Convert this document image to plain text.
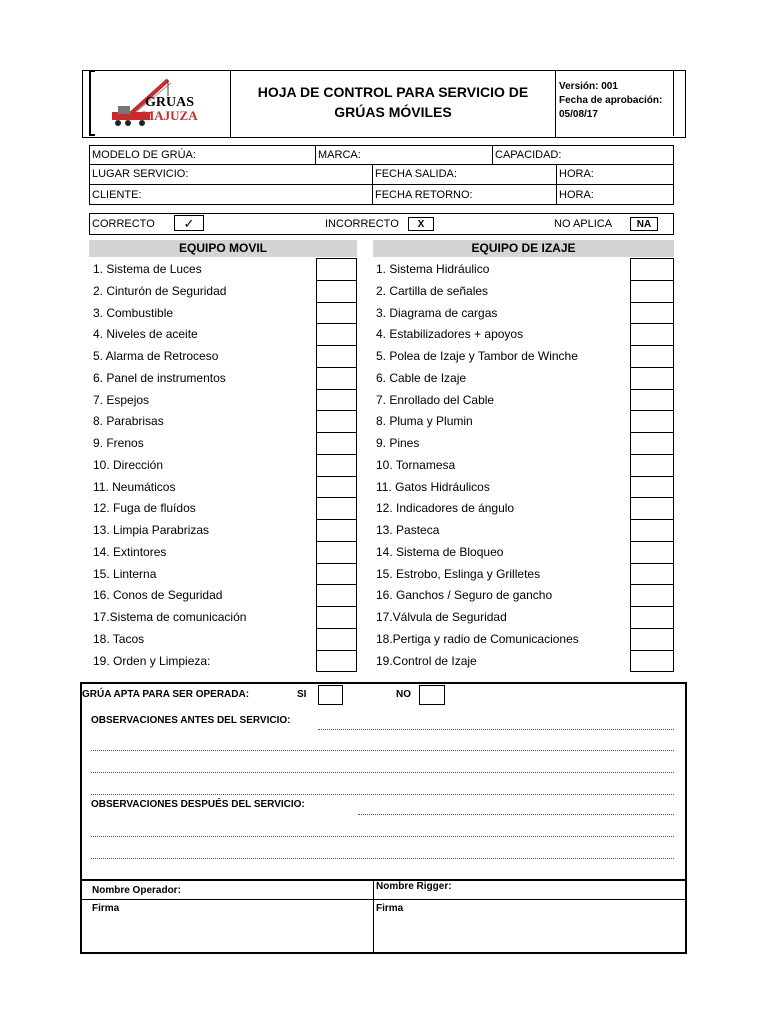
GRUAS
MAJUZA
HOJA DE CONTROL PARA SERVICIO DE
GRÚAS MÓVILES
Versión: 001
Fecha de aprobación:
05/08/17
MODELO DE GRÚA:	MARCA:	CAPACIDAD:
LUGAR SERVICIO:	FECHA SALIDA:	HORA:
CLIENTE:	FECHA RETORNO:	HORA:
CORRECTO	✓	INCORRECTO	X	NO APLICA	NA
EQUIPO MOVIL	EQUIPO DE IZAJE
1. Sistema de Luces
2. Cinturón de Seguridad
3. Combustible
4. Niveles de aceite
5. Alarma de Retroceso
6. Panel de instrumentos
7. Espejos
8. Parabrisas
9. Frenos
10. Dirección
11. Neumáticos
12. Fuga de fluídos
13. Limpia Parabrizas
14. Extintores
15. Linterna
16. Conos de Seguridad
17.Sistema de comunicación
18. Tacos
19. Orden y Limpieza:
1. Sistema Hidráulico
2. Cartilla de señales
3. Diagrama de cargas
4. Estabilizadores + apoyos
5. Polea de Izaje y Tambor de Winche
6. Cable de Izaje
7. Enrollado del Cable
8. Pluma y Plumin
9. Pines
10. Tornamesa
11. Gatos Hidráulicos
12. Indicadores de ángulo
13. Pasteca
14. Sistema de Bloqueo
15. Estrobo, Eslinga y Grilletes
16. Ganchos / Seguro de gancho
17.Válvula de Seguridad
18.Pertiga y radio de Comunicaciones
19.Control de Izaje
GRÚA APTA PARA SER OPERADA:	SI	NO
OBSERVACIONES ANTES DEL SERVICIO:
OBSERVACIONES DESPUÉS DEL SERVICIO:
Nombre Operador:	Nombre Rigger:
Firma	Firma
